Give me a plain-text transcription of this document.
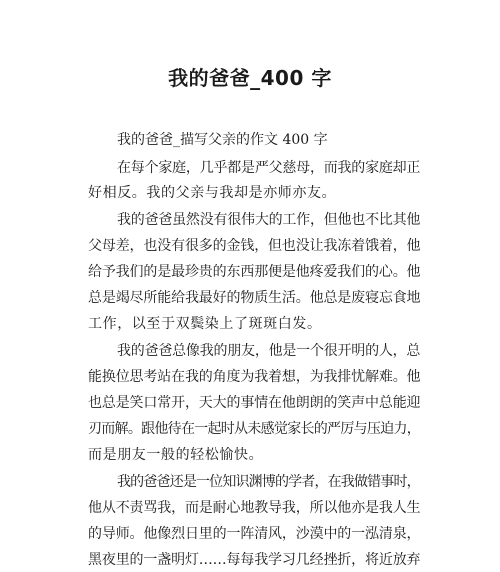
我的爸爸_400 字
我的爸爸_描写父亲的作文 400 字
在每个家庭，几乎都是严父慈母，而我的家庭却正
好相反。我的父亲与我却是亦师亦友。
我的爸爸虽然没有很伟大的工作，但他也不比其他
父母差，也没有很多的金钱，但也没让我冻着饿着，他
给予我们的是最珍贵的东西那便是他疼爱我们的心。他
总是竭尽所能给我最好的物质生活。他总是废寝忘食地
工作，以至于双鬓染上了斑斑白发。
我的爸爸总像我的朋友，他是一个很开明的人，总
能换位思考站在我的角度为我着想，为我排忧解难。他
也总是笑口常开，天大的事情在他朗朗的笑声中总能迎
刃而解。跟他待在一起时从未感觉家长的严厉与压迫力，
而是朋友一般的轻松愉快。
我的爸爸还是一位知识渊博的学者，在我做错事时，
他从不责骂我，而是耐心地教导我，所以他亦是我人生
的导师。他像烈日里的一阵清风，沙漠中的一泓清泉，
黑夜里的一盏明灯……每每我学习几经挫折，将近放弃
